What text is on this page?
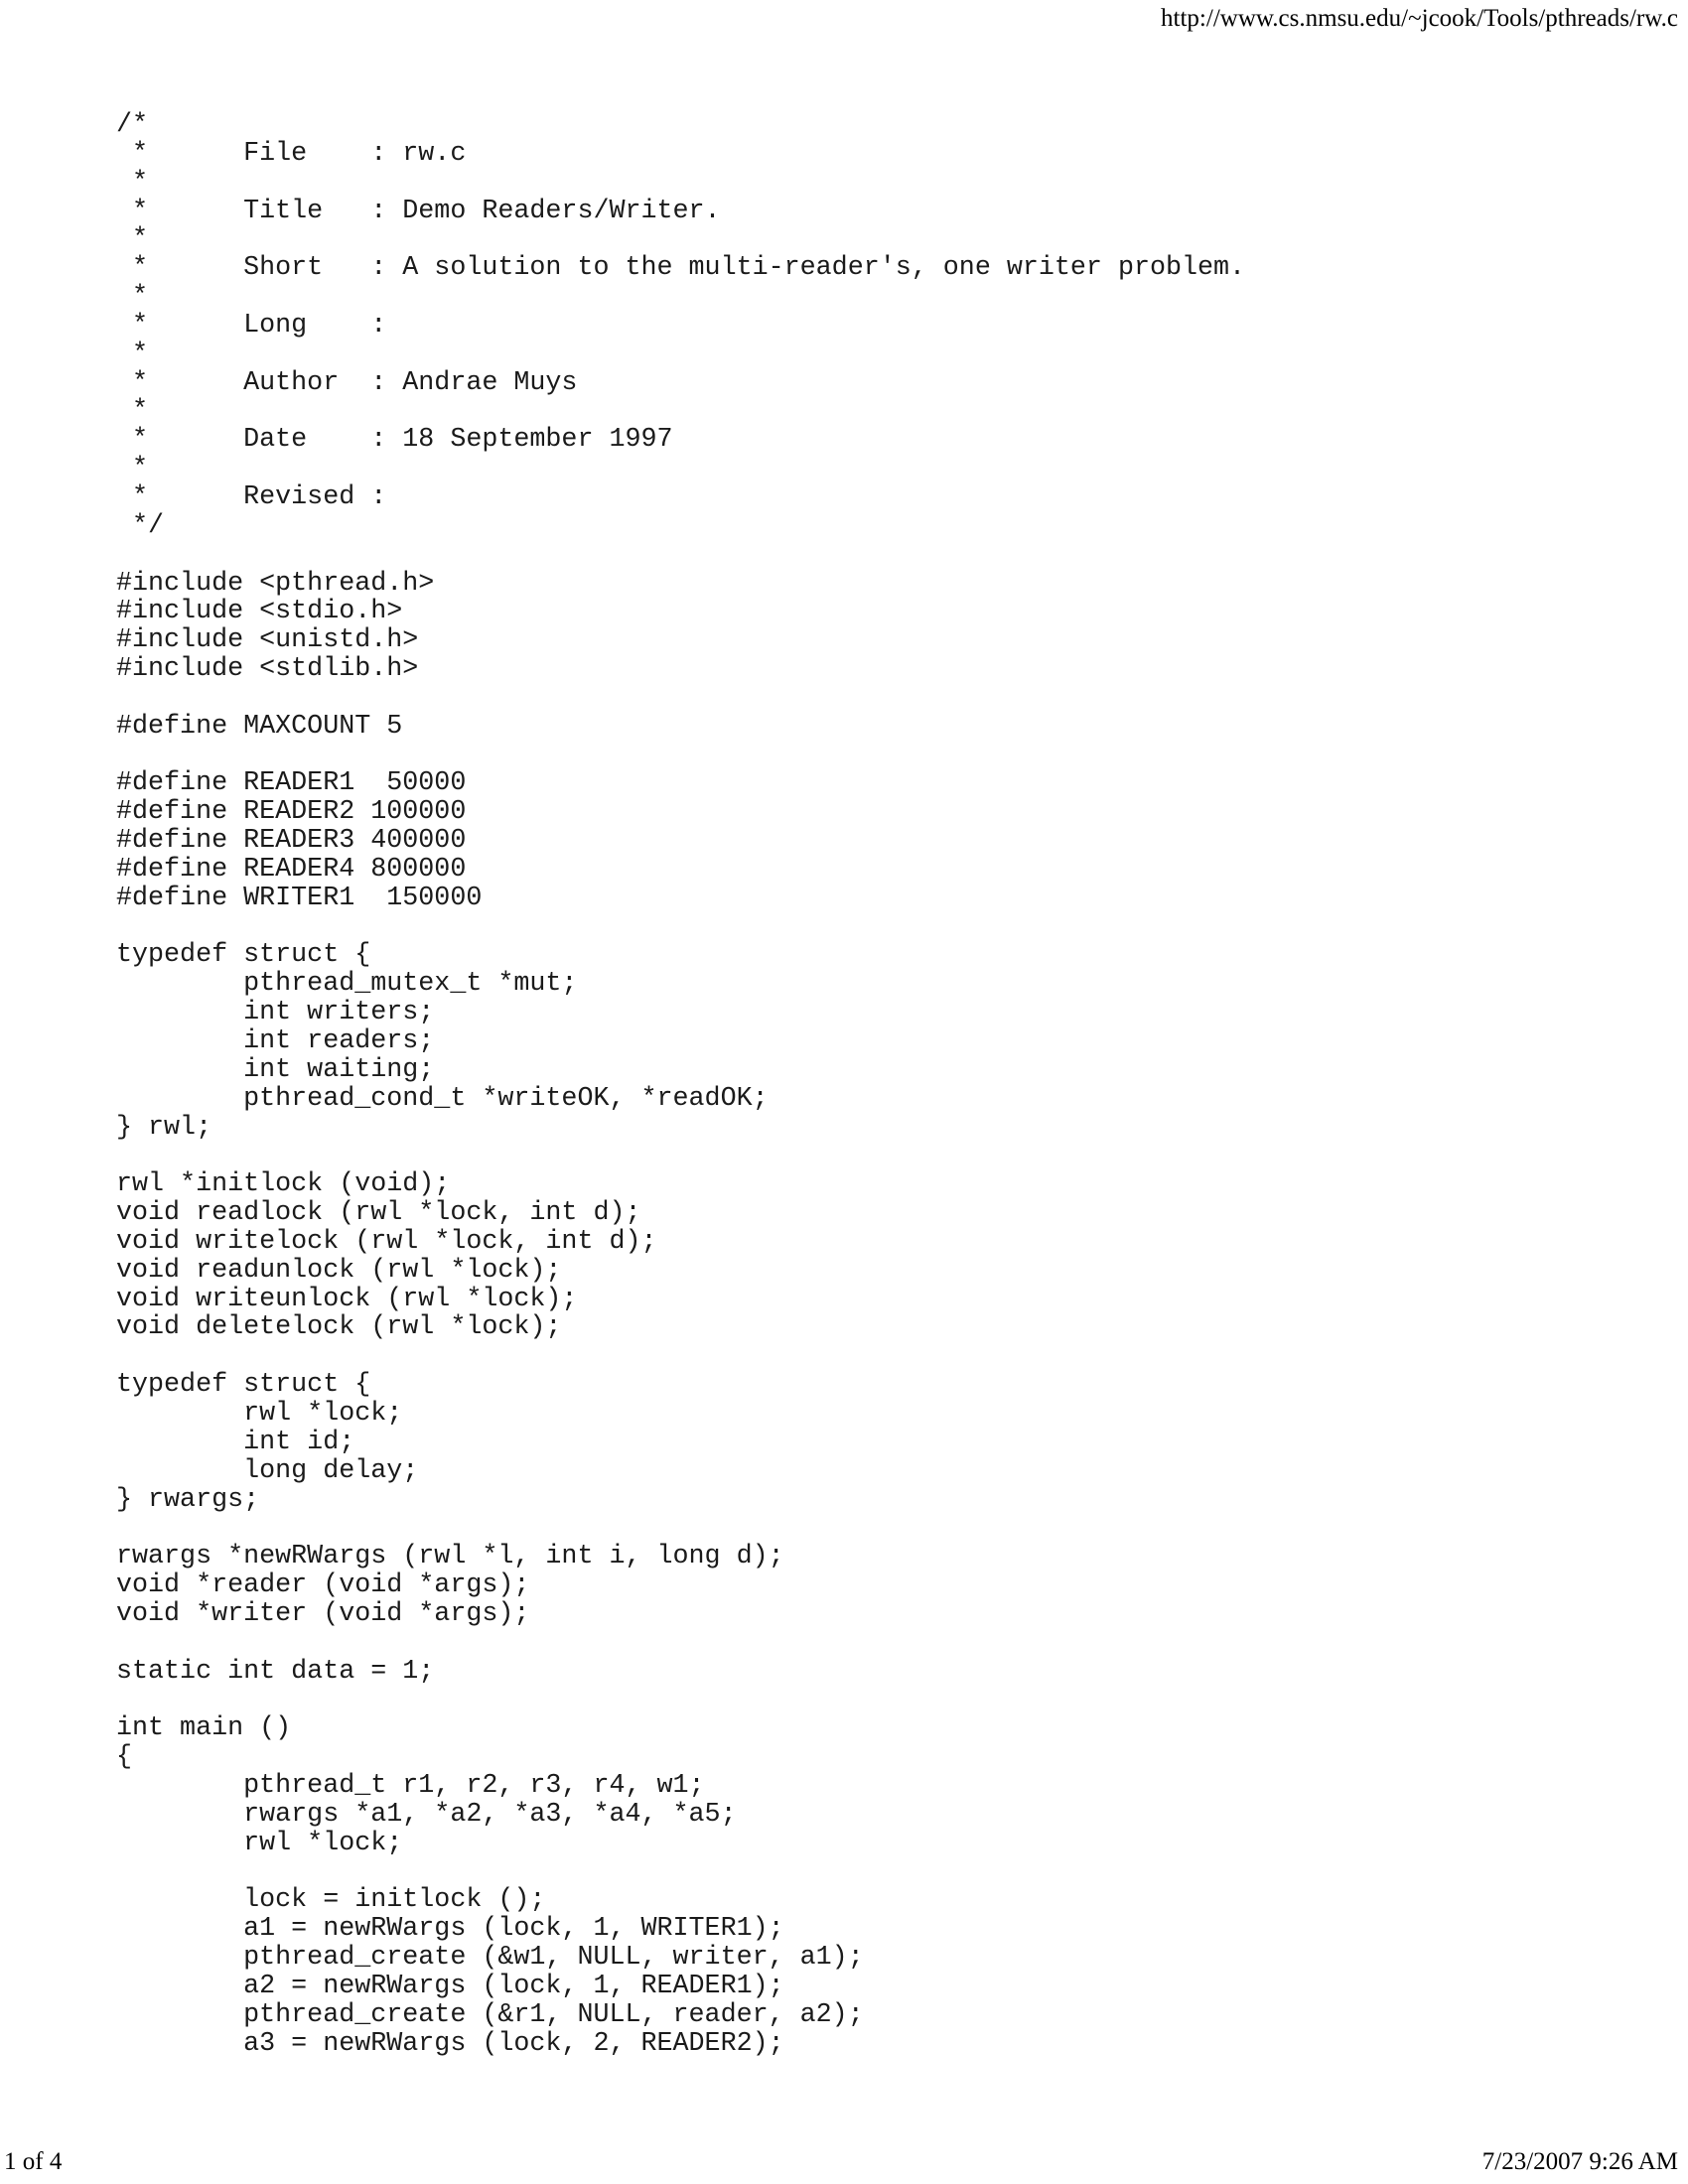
http://www.cs.nmsu.edu/~jcook/Tools/pthreads/rw.c
/*
*      File    : rw.c
*
*      Title   : Demo Readers/Writer.
*
*      Short   : A solution to the multi-reader's, one writer problem.
*
*      Long    :
*
*      Author  : Andrae Muys
*
*      Date    : 18 September 1997
*
*      Revised :
*/
#include <pthread.h>
#include <stdio.h>
#include <unistd.h>
#include <stdlib.h>
#define MAXCOUNT 5
#define READER1  50000
#define READER2 100000
#define READER3 400000
#define READER4 800000
#define WRITER1  150000
typedef struct {
pthread_mutex_t *mut;
int writers;
int readers;
int waiting;
pthread_cond_t *writeOK, *readOK;
} rwl;
rwl *initlock (void);
void readlock (rwl *lock, int d);
void writelock (rwl *lock, int d);
void readunlock (rwl *lock);
void writeunlock (rwl *lock);
void deletelock (rwl *lock);
typedef struct {
rwl *lock;
int id;
long delay;
} rwargs;
rwargs *newRWargs (rwl *l, int i, long d);
void *reader (void *args);
void *writer (void *args);
static int data = 1;
int main ()
{
pthread_t r1, r2, r3, r4, w1;
rwargs *a1, *a2, *a3, *a4, *a5;
rwl *lock;
lock = initlock ();
a1 = newRWargs (lock, 1, WRITER1);
pthread_create (&w1, NULL, writer, a1);
a2 = newRWargs (lock, 1, READER1);
pthread_create (&r1, NULL, reader, a2);
a3 = newRWargs (lock, 2, READER2);
1 of 4	7/23/2007 9:26 AM
